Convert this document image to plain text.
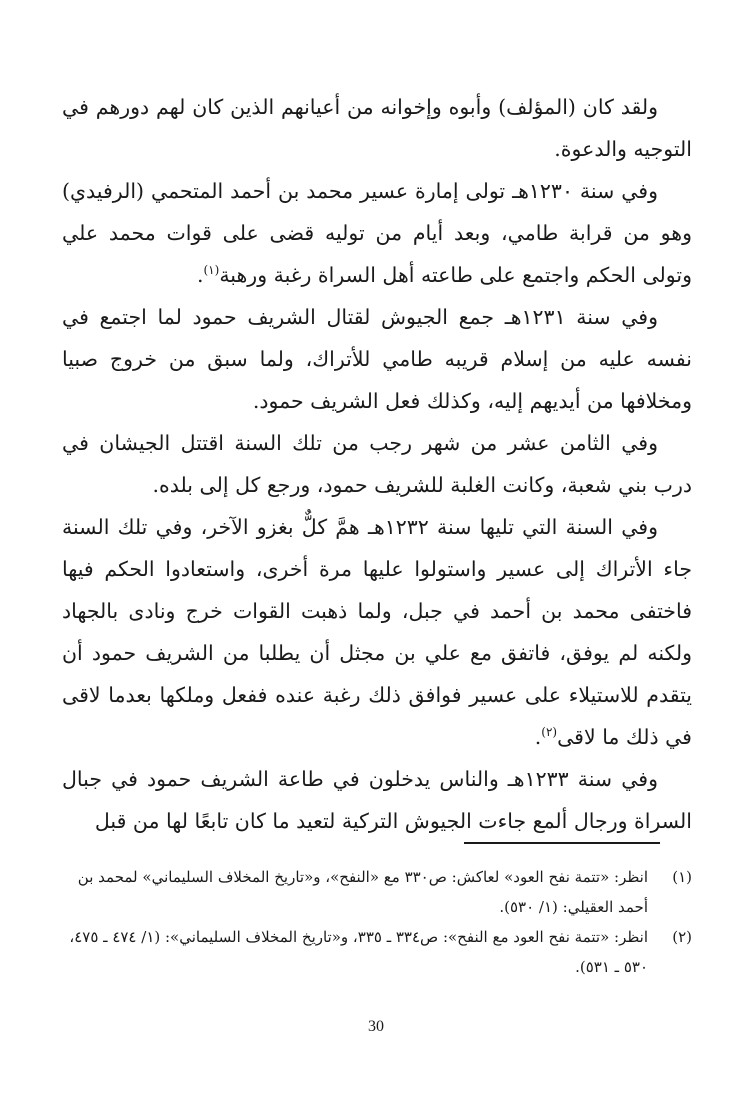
ولقد كان (المؤلف) وأبوه وإخوانه من أعيانهم الذين كان لهم دورهم في التوجيه والدعوة.

وفي سنة ١٢٣٠هـ تولى إمارة عسير محمد بن أحمد المتحمي (الرفيدي) وهو من قرابة طامي، وبعد أيام من توليه قضى على قوات محمد علي وتولى الحكم واجتمع على طاعته أهل السراة رغبة ورهبة$^{(١)}$.

وفي سنة ١٢٣١هـ جمع الجيوش لقتال الشريف حمود لما اجتمع في نفسه عليه من إسلام قريبه طامي للأتراك، ولما سبق من خروج صبيا ومخلافها من أيديهم إليه، وكذلك فعل الشريف حمود.

وفي الثامن عشر من شهر رجب من تلك السنة اقتتل الجيشان في درب بني شعبة، وكانت الغلبة للشريف حمود، ورجع كل إلى بلده.

وفي السنة التي تليها سنة ١٢٣٢هـ همَّ كلٌّ بغزو الآخر، وفي تلك السنة جاء الأتراك إلى عسير واستولوا عليها مرة أخرى، واستعادوا الحكم فيها فاختفى محمد بن أحمد في جبل، ولما ذهبت القوات خرج ونادى بالجهاد ولكنه لم يوفق، فاتفق مع علي بن مجثل أن يطلبا من الشريف حمود أن يتقدم للاستيلاء على عسير فوافق ذلك رغبة عنده ففعل وملكها بعدما لاقى في ذلك ما لاقى$^{(٢)}$.

وفي سنة ١٢٣٣هـ والناس يدخلون في طاعة الشريف حمود في جبال السراة ورجال ألمع جاءت الجيوش التركية لتعيد ما كان تابعًا لها من قبل

(١)
انظر: «تتمة نفح العود» لعاكش: ص٣٣٠ مع «النفح»، و«تاريخ المخلاف السليماني» لمحمد بن أحمد العقيلي: (١/ ٥٣٠).
(٢)
انظر: «تتمة نفح العود مع النفح»: ص٣٣٤ ـ ٣٣٥، و«تاريخ المخلاف السليماني»: (١/ ٤٧٤ ـ ٤٧٥، ٥٣٠ ـ ٥٣١).
30
